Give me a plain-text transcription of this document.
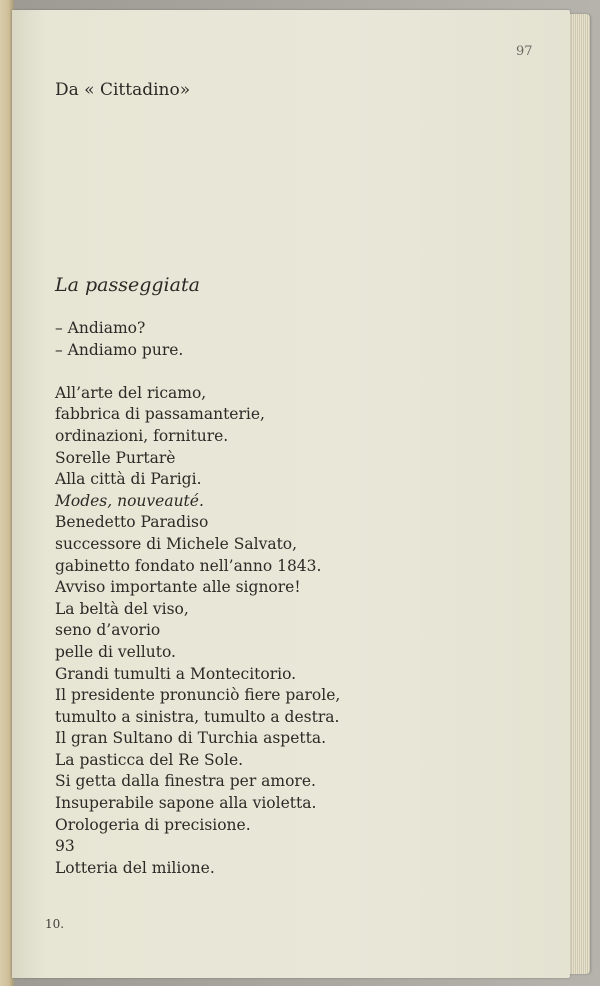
97
Da « Cittadino»
La passeggiata
– Andiamo?
– Andiamo pure.
All’arte del ricamo,
fabbrica di passamanterie,
ordinazioni, forniture.
Sorelle Purtarè
Alla città di Parigi.
Modes, nouveauté.
Benedetto Paradiso
successore di Michele Salvato,
gabinetto fondato nell’anno 1843.
Avviso importante alle signore!
La beltà del viso,
seno d’avorio
pelle di velluto.
Grandi tumulti a Montecitorio.
Il presidente pronunciò fiere parole,
tumulto a sinistra, tumulto a destra.
Il gran Sultano di Turchia aspetta.
La pasticca del Re Sole.
Si getta dalla finestra per amore.
Insuperabile sapone alla violetta.
Orologeria di precisione.
93
Lotteria del milione.
10.
